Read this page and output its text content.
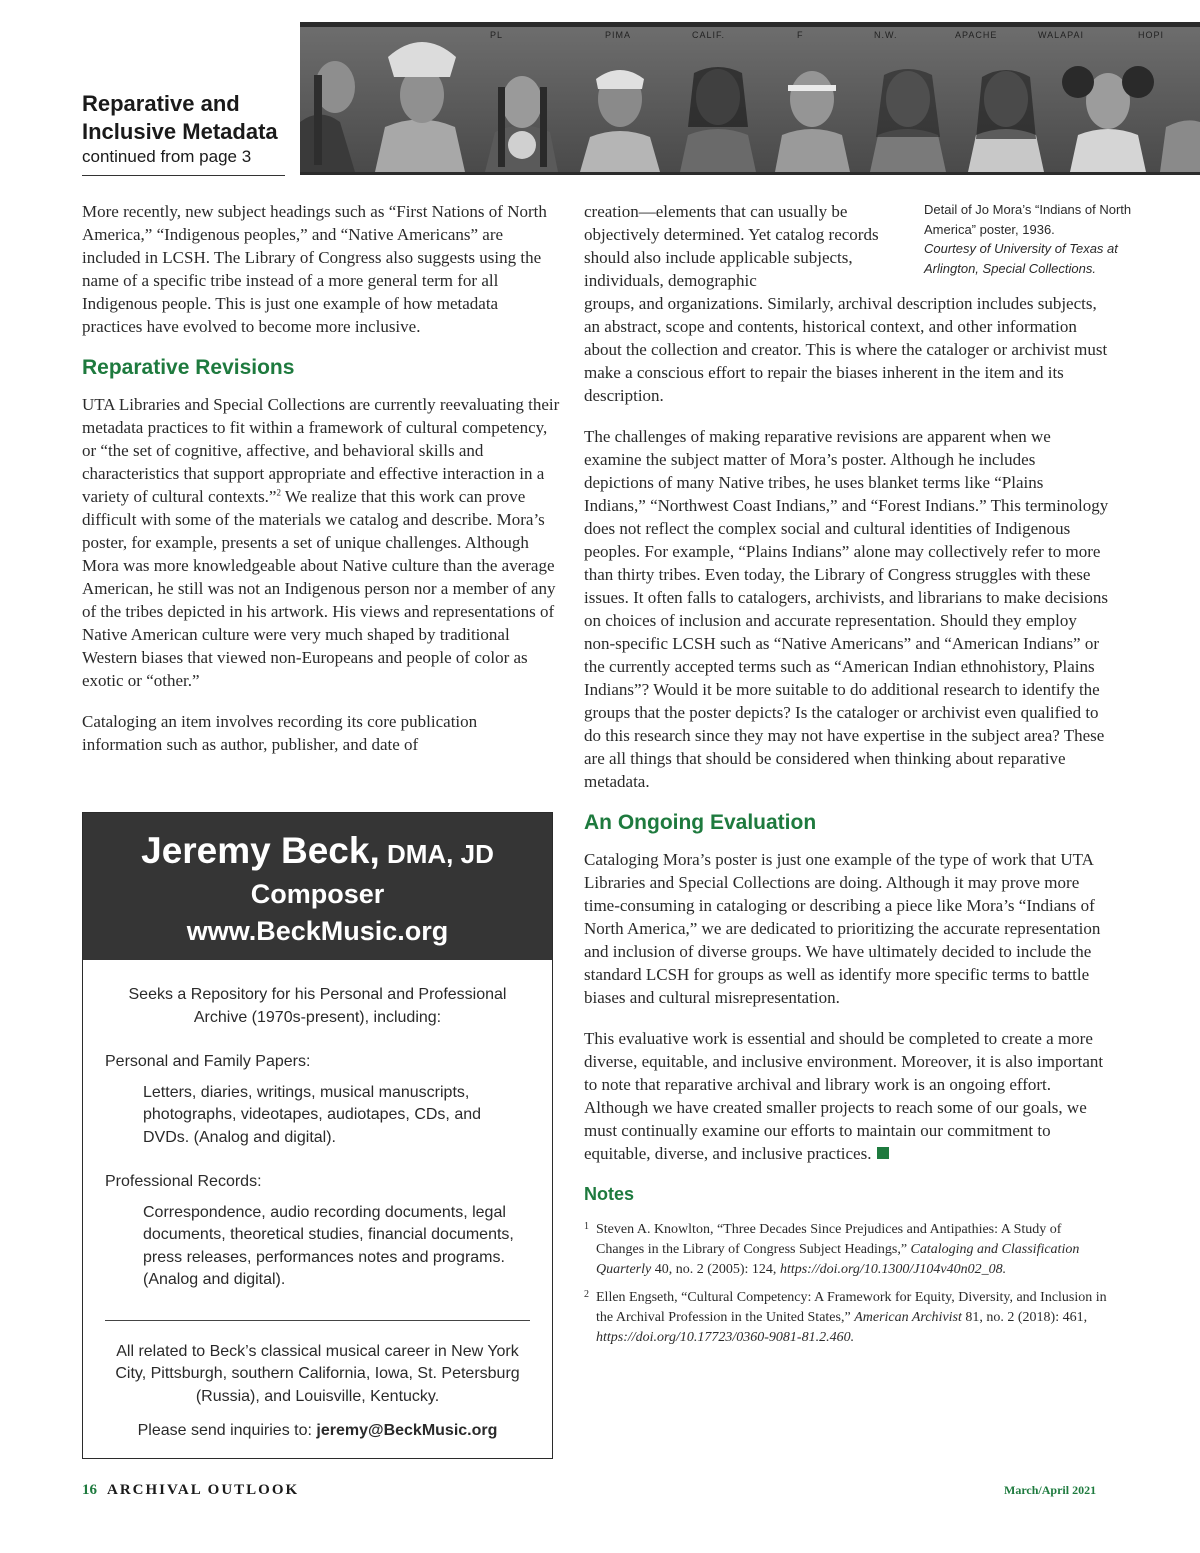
Reparative and
Inclusive Metadata
continued from page 3
PL	PIMA	CALIF.	F	N.W.	APACHE	WALAPAI	HOPI
Detail of Jo Mora’s “Indians of North America” poster, 1936.
Courtesy of University of Texas at Arlington, Special Collections.

More recently, new subject headings such as “First Nations of North America,” “Indigenous peoples,” and “Native Americans” are included in LCSH. The Library of Congress also suggests using the name of a specific tribe instead of a more general term for all Indigenous people. This is just one example of how metadata practices have evolved to become more inclusive.

Reparative Revisions

UTA Libraries and Special Collections are currently reevaluating their metadata practices to fit within a framework of cultural competency, or “the set of cognitive, affective, and behavioral skills and characteristics that support appropriate and effective interaction in a variety of cultural contexts.”$^2$ We realize that this work can prove difficult with some of the materials we catalog and describe. Mora’s poster, for example, presents a set of unique challenges. Although Mora was more knowledgeable about Native culture than the average American, he still was not an Indigenous person nor a member of any of the tribes depicted in his artwork. His views and representations of Native American culture were very much shaped by traditional Western biases that viewed non-Europeans and people of color as exotic or “other.”

Cataloging an item involves recording its core publication information such as author, publisher, and date of

Jeremy Beck, DMA, JD
Composer
www.BeckMusic.org
Seeks a Repository for his Personal and Professional Archive (1970s-present), including:
Personal and Family Papers:
Letters, diaries, writings, musical manuscripts, photographs, videotapes, audiotapes, CDs, and DVDs. (Analog and digital).
Professional Records:
Correspondence, audio recording documents, legal documents, theoretical studies, financial documents, press releases, performances notes and programs. (Analog and digital).
All related to Beck’s classical musical career in New York City, Pittsburgh, southern California, Iowa, St. Petersburg (Russia), and Louisville, Kentucky.
Please send inquiries to: jeremy@BeckMusic.org

creation—elements that can usually be objectively determined. Yet catalog records should also include applicable subjects, individuals, demographic

groups, and organizations. Similarly, archival description includes subjects, an abstract, scope and contents, historical context, and other information about the collection and creator. This is where the cataloger or archivist must make a conscious effort to repair the biases inherent in the item and its description.

The challenges of making reparative revisions are apparent when we examine the subject matter of Mora’s poster. Although he includes depictions of many Native tribes, he uses blanket terms like “Plains Indians,” “Northwest Coast Indians,” and “Forest Indians.” This terminology does not reflect the complex social and cultural identities of Indigenous peoples. For example, “Plains Indians” alone may collectively refer to more than thirty tribes. Even today, the Library of Congress struggles with these issues. It often falls to catalogers, archivists, and librarians to make decisions on choices of inclusion and accurate representation. Should they employ non-specific LCSH such as “Native Americans” and “American Indians” or the currently accepted terms such as “American Indian ethnohistory, Plains Indians”? Would it be more suitable to do additional research to identify the groups that the poster depicts? Is the cataloger or archivist even qualified to do this research since they may not have expertise in the subject area? These are all things that should be considered when thinking about reparative metadata.

An Ongoing Evaluation

Cataloging Mora’s poster is just one example of the type of work that UTA Libraries and Special Collections are doing. Although it may prove more time-consuming in cataloging or describing a piece like Mora’s “Indians of North America,” we are dedicated to prioritizing the accurate representation and inclusion of diverse groups. We have ultimately decided to include the standard LCSH for groups as well as identify more specific terms to battle biases and cultural misrepresentation.

This evaluative work is essential and should be completed to create a more diverse, equitable, and inclusive environment. Moreover, it is also important to note that reparative archival and library work is an ongoing effort. Although we have created smaller projects to reach some of our goals, we must continually examine our efforts to maintain our commitment to equitable, diverse, and inclusive practices.

Notes
1 Steven A. Knowlton, “Three Decades Since Prejudices and Antipathies: A Study of Changes in the Library of Congress Subject Headings,” Cataloging and Classification Quarterly 40, no. 2 (2005): 124, https://doi.org/10.1300/J104v40n02_08.
2 Ellen Engseth, “Cultural Competency: A Framework for Equity, Diversity, and Inclusion in the Archival Profession in the United States,” American Archivist 81, no. 2 (2018): 461, https://doi.org/10.17723/0360-9081-81.2.460.
16 ARCHIVAL OUTLOOK	March/April 2021
